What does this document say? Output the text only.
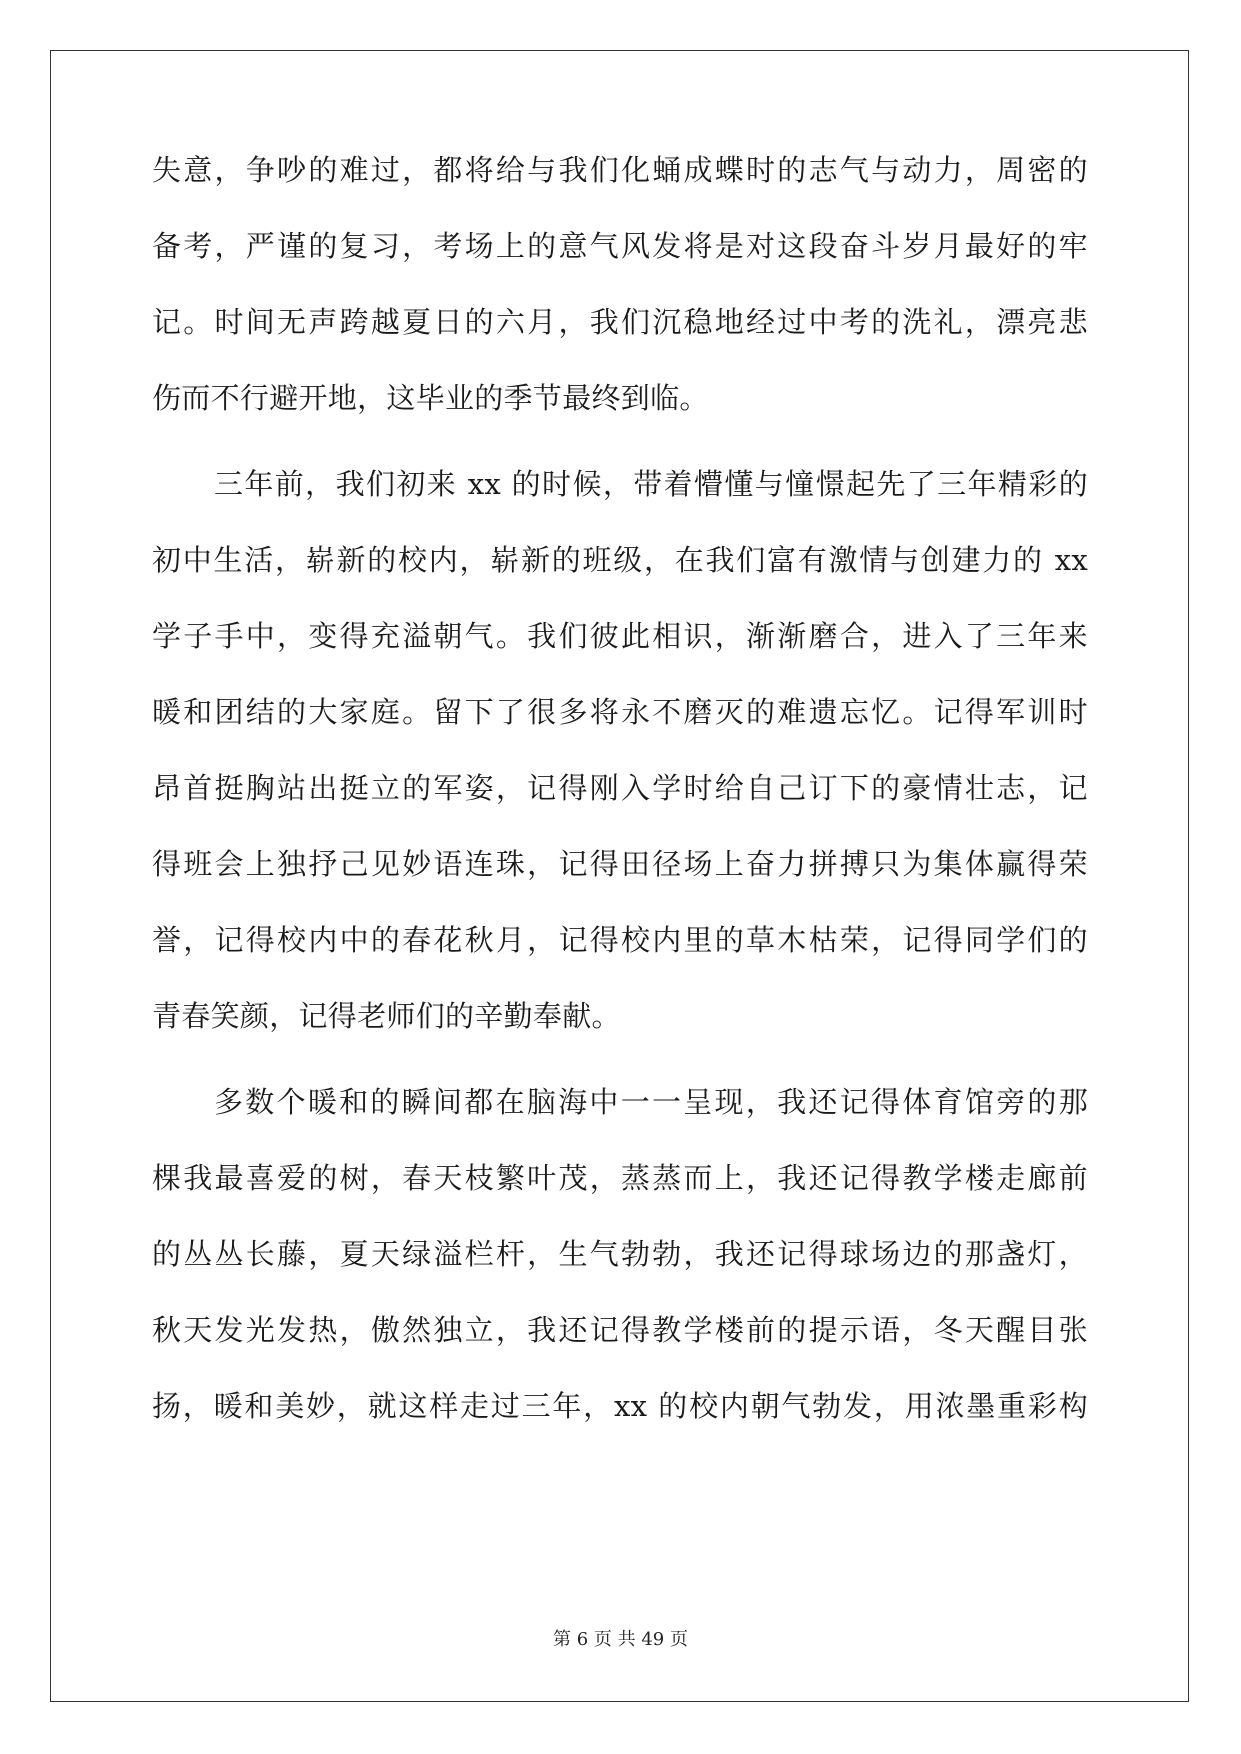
失意，争吵的难过，都将给与我们化蛹成蝶时的志气与动力，周密的
备考，严谨的复习，考场上的意气风发将是对这段奋斗岁月最好的牢
记。时间无声跨越夏日的六月，我们沉稳地经过中考的洗礼，漂亮悲
伤而不行避开地，这毕业的季节最终到临。
三年前，我们初来 xx 的时候，带着懵懂与憧憬起先了三年精彩的
初中生活，崭新的校内，崭新的班级，在我们富有激情与创建力的 xx
学子手中，变得充溢朝气。我们彼此相识，渐渐磨合，进入了三年来
暖和团结的大家庭。留下了很多将永不磨灭的难遗忘忆。记得军训时
昂首挺胸站出挺立的军姿，记得刚入学时给自己订下的豪情壮志，记
得班会上独抒己见妙语连珠，记得田径场上奋力拼搏只为集体赢得荣
誉，记得校内中的春花秋月，记得校内里的草木枯荣，记得同学们的
青春笑颜，记得老师们的辛勤奉献。
多数个暖和的瞬间都在脑海中一一呈现，我还记得体育馆旁的那
棵我最喜爱的树，春天枝繁叶茂，蒸蒸而上，我还记得教学楼走廊前
的丛丛长藤，夏天绿溢栏杆，生气勃勃，我还记得球场边的那盏灯，
秋天发光发热，傲然独立，我还记得教学楼前的提示语，冬天醒目张
扬，暖和美妙，就这样走过三年，xx 的校内朝气勃发，用浓墨重彩构
第 6 页 共 49 页
